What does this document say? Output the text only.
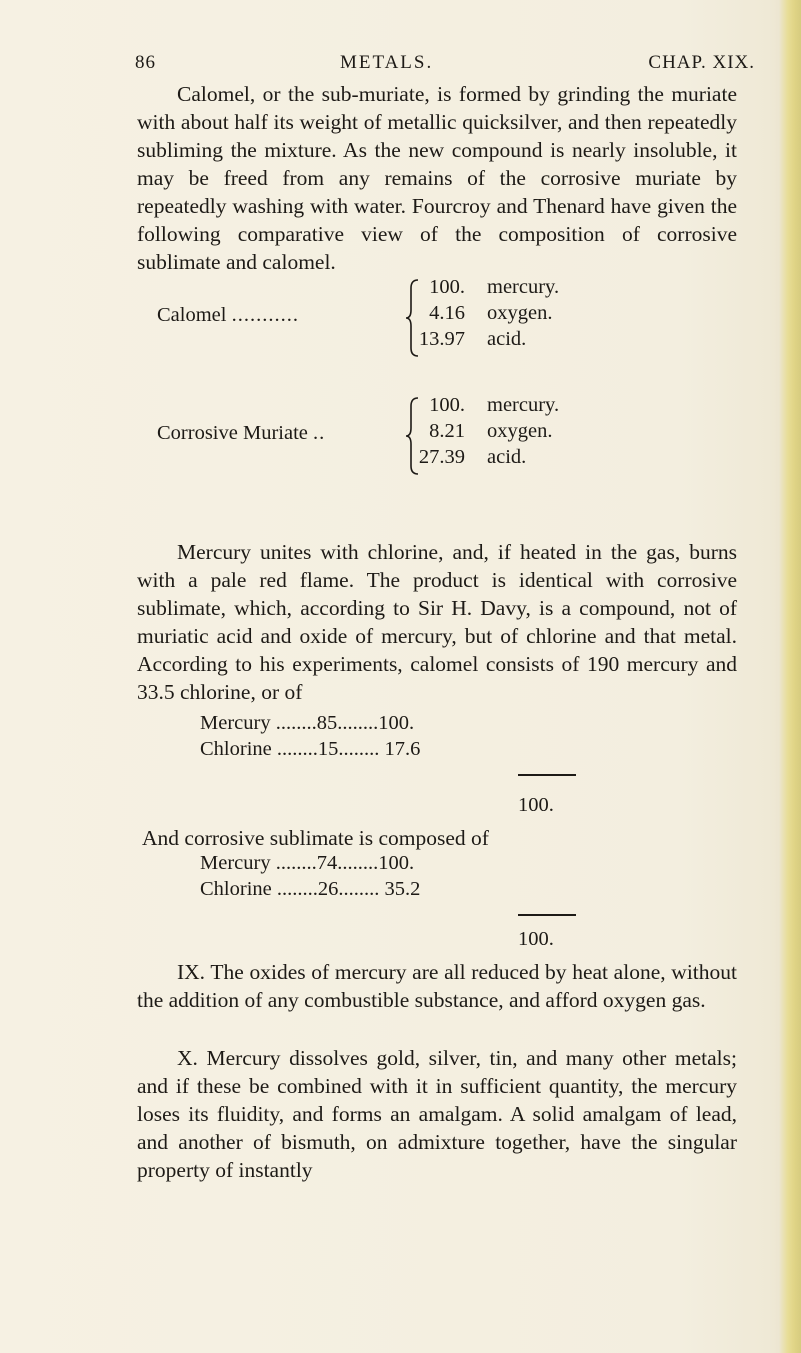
86	METALS.	CHAP. XIX.

Calomel, or the sub-muriate, is formed by grinding the muriate with about half its weight of metallic quicksilver, and then repeatedly subliming the mixture. As the new compound is nearly insoluble, it may be freed from any remains of the corrosive muriate by repeatedly washing with water. Fourcroy and Thenard have given the following comparative view of the composition of corrosive sublimate and calomel.

Calomel ...........
100. mercury.
4.16 oxygen.
13.97 acid.
Corrosive Muriate ..
100. mercury.
8.21 oxygen.
27.39 acid.

Mercury unites with chlorine, and, if heated in the gas, burns with a pale red flame. The product is identical with corrosive sublimate, which, according to Sir H. Davy, is a compound, not of muriatic acid and oxide of mercury, but of chlorine and that metal. According to his experiments, calomel consists of 190 mercury and 33.5 chlorine, or of

Mercury ........85........100.
Chlorine ........15........ 17.6
100.

And corrosive sublimate is composed of

Mercury ........74........100.
Chlorine ........26........ 35.2
100.

IX. The oxides of mercury are all reduced by heat alone, without the addition of any combustible substance, and afford oxygen gas.

X. Mercury dissolves gold, silver, tin, and many other metals; and if these be combined with it in sufficient quantity, the mercury loses its fluidity, and forms an amalgam. A solid amalgam of lead, and another of bismuth, on admixture together, have the singular property of instantly
